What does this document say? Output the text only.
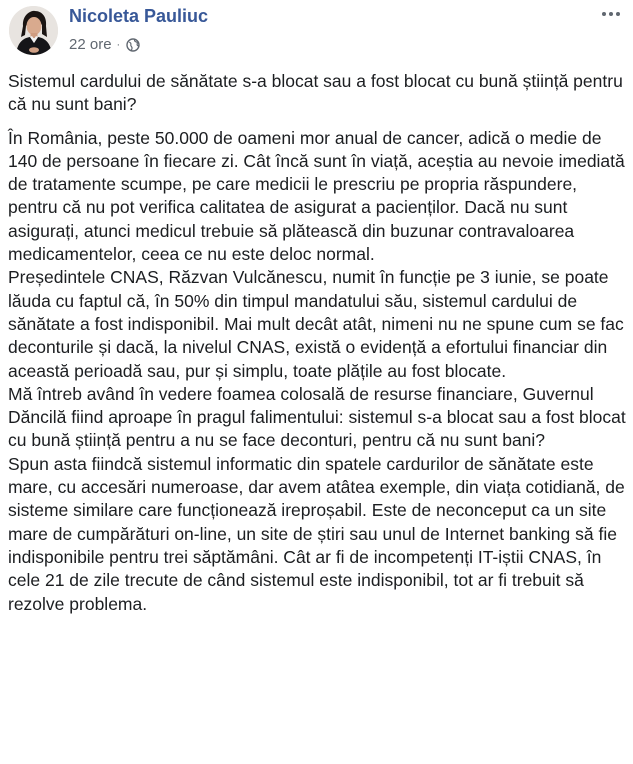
Nicoleta Pauliuc
22 ore ·

Sistemul cardului de sănătate s-a blocat sau a fost blocat cu bună știință pentru că nu sunt bani?

În România, peste 50.000 de oameni mor anual de cancer, adică o medie de 140 de persoane în fiecare zi. Cât încă sunt în viață, aceștia au nevoie imediată de tratamente scumpe, pe care medicii le prescriu pe propria răspundere, pentru că nu pot verifica calitatea de asigurat a pacienților. Dacă nu sunt asigurați, atunci medicul trebuie să plătească din buzunar contravaloarea medicamentelor, ceea ce nu este deloc normal.

Președintele CNAS, Răzvan Vulcănescu, numit în funcție pe 3 iunie, se poate lăuda cu faptul că, în 50% din timpul mandatului său, sistemul cardului de sănătate a fost indisponibil. Mai mult decât atât, nimeni nu ne spune cum se fac deconturile și dacă, la nivelul CNAS, există o evidență a efortului financiar din această perioadă sau, pur și simplu, toate plățile au fost blocate.

Mă întreb având în vedere foamea colosală de resurse financiare, Guvernul Dăncilă fiind aproape în pragul falimentului: sistemul s-a blocat sau a fost blocat cu bună știință pentru a nu se face deconturi, pentru că nu sunt bani?

Spun asta fiindcă sistemul informatic din spatele cardurilor de sănătate este mare, cu accesări numeroase, dar avem atâtea exemple, din viața cotidiană, de sisteme similare care funcționează ireproșabil. Este de neconceput ca un site mare de cumpărături on-line, un site de știri sau unul de Internet banking să fie indisponibile pentru trei săptămâni. Cât ar fi de incompetenți IT-iștii CNAS, în cele 21 de zile trecute de când sistemul este indisponibil, tot ar fi trebuit să rezolve problema.
